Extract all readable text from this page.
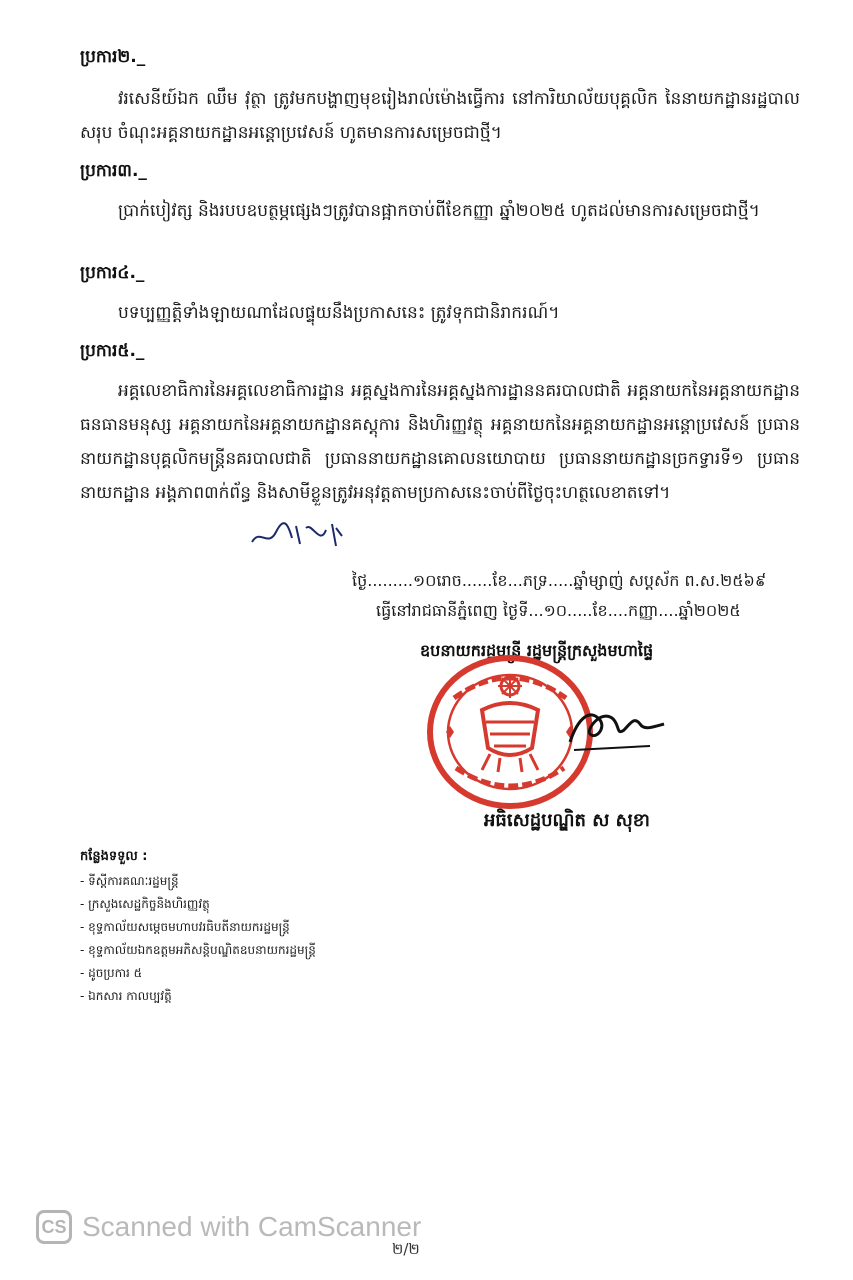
ប្រការ២._
វរសេនីយ៍ឯក ឈឹម វុត្ថា ត្រូវមកបង្ហាញមុខរៀងរាល់ម៉ោងធ្វើការ នៅការិយាល័យបុគ្គលិក នៃនាយកដ្ឋានរដ្ឋបាលសរុប ចំណុះអគ្គនាយកដ្ឋានអន្តោប្រវេសន៍ ហូតមានការសម្រេចជាថ្មី។
ប្រការ៣._
ប្រាក់បៀវត្ស និងរបបឧបត្ថម្ភផ្សេងៗត្រូវបានផ្អាកចាប់ពីខែកញ្ញា ឆ្នាំ២០២៥ ហូតដល់មានការសម្រេចជាថ្មី។
ប្រការ៤._
បទប្បញ្ញត្តិទាំងឡាយណាដែលផ្ទុយនឹងប្រកាសនេះ ត្រូវទុកជានិរាករណ៍។
ប្រការ៥._
អគ្គលេខាធិការនៃអគ្គលេខាធិការដ្ឋាន អគ្គស្នងការនៃអគ្គស្នងការដ្ឋាននគរបាលជាតិ អគ្គនាយកនៃអគ្គនាយកដ្ឋានធនធានមនុស្ស អគ្គនាយកនៃអគ្គនាយកដ្ឋានគស្តុការ និងហិរញ្ញវត្ថុ អគ្គនាយកនៃអគ្គនាយកដ្ឋានអន្តោប្រវេសន៍ ប្រធាននាយកដ្ឋានបុគ្គលិកមន្ត្រីនគរបាលជាតិ ប្រធាននាយកដ្ឋានគោលនយោបាយ ប្រធាននាយកដ្ឋានច្រកទ្វារទី១ ប្រធាននាយកដ្ឋាន អង្គភាព៣ក់ព័ន្ធ និងសាមីខ្លួនត្រូវអនុវត្តតាមប្រកាសនេះចាប់ពីថ្ងៃចុះហត្ថលេខាតទៅ។
ថ្ងៃ.........១០រោច......ខែ...ភទ្រ.....ឆ្នាំម្សាញ់ សប្តស័ក ព.ស.២៥៦៩
ធ្វើនៅរាជធានីភ្នំពេញ ថ្ងៃទី...១០.....ខែ....កញ្ញា....ឆ្នាំ២០២៥
ឧបនាយករដ្ឋមន្ត្រី រដ្ឋមន្ត្រីក្រសួងមហាផ្ទៃ
អធិសេដ្ឋបណ្ឌិត ស សុខា
កន្លែងទទួល :
- ទីស្តីការគណៈរដ្ឋមន្ត្រី
- ក្រសួងសេដ្ឋកិច្ចនិងហិរញ្ញវត្ថុ
- ខុទ្ទកាល័យសម្តេចមហាបវរធិបតីនាយករដ្ឋមន្ត្រី
- ខុទ្ទកាល័យឯកឧត្តមអភិសន្តិបណ្ឌិតឧបនាយករដ្ឋមន្ត្រី
- ដូចប្រការ ៥
- ឯកសារ កាលប្បវត្តិ
CS Scanned with CamScanner
២/២
